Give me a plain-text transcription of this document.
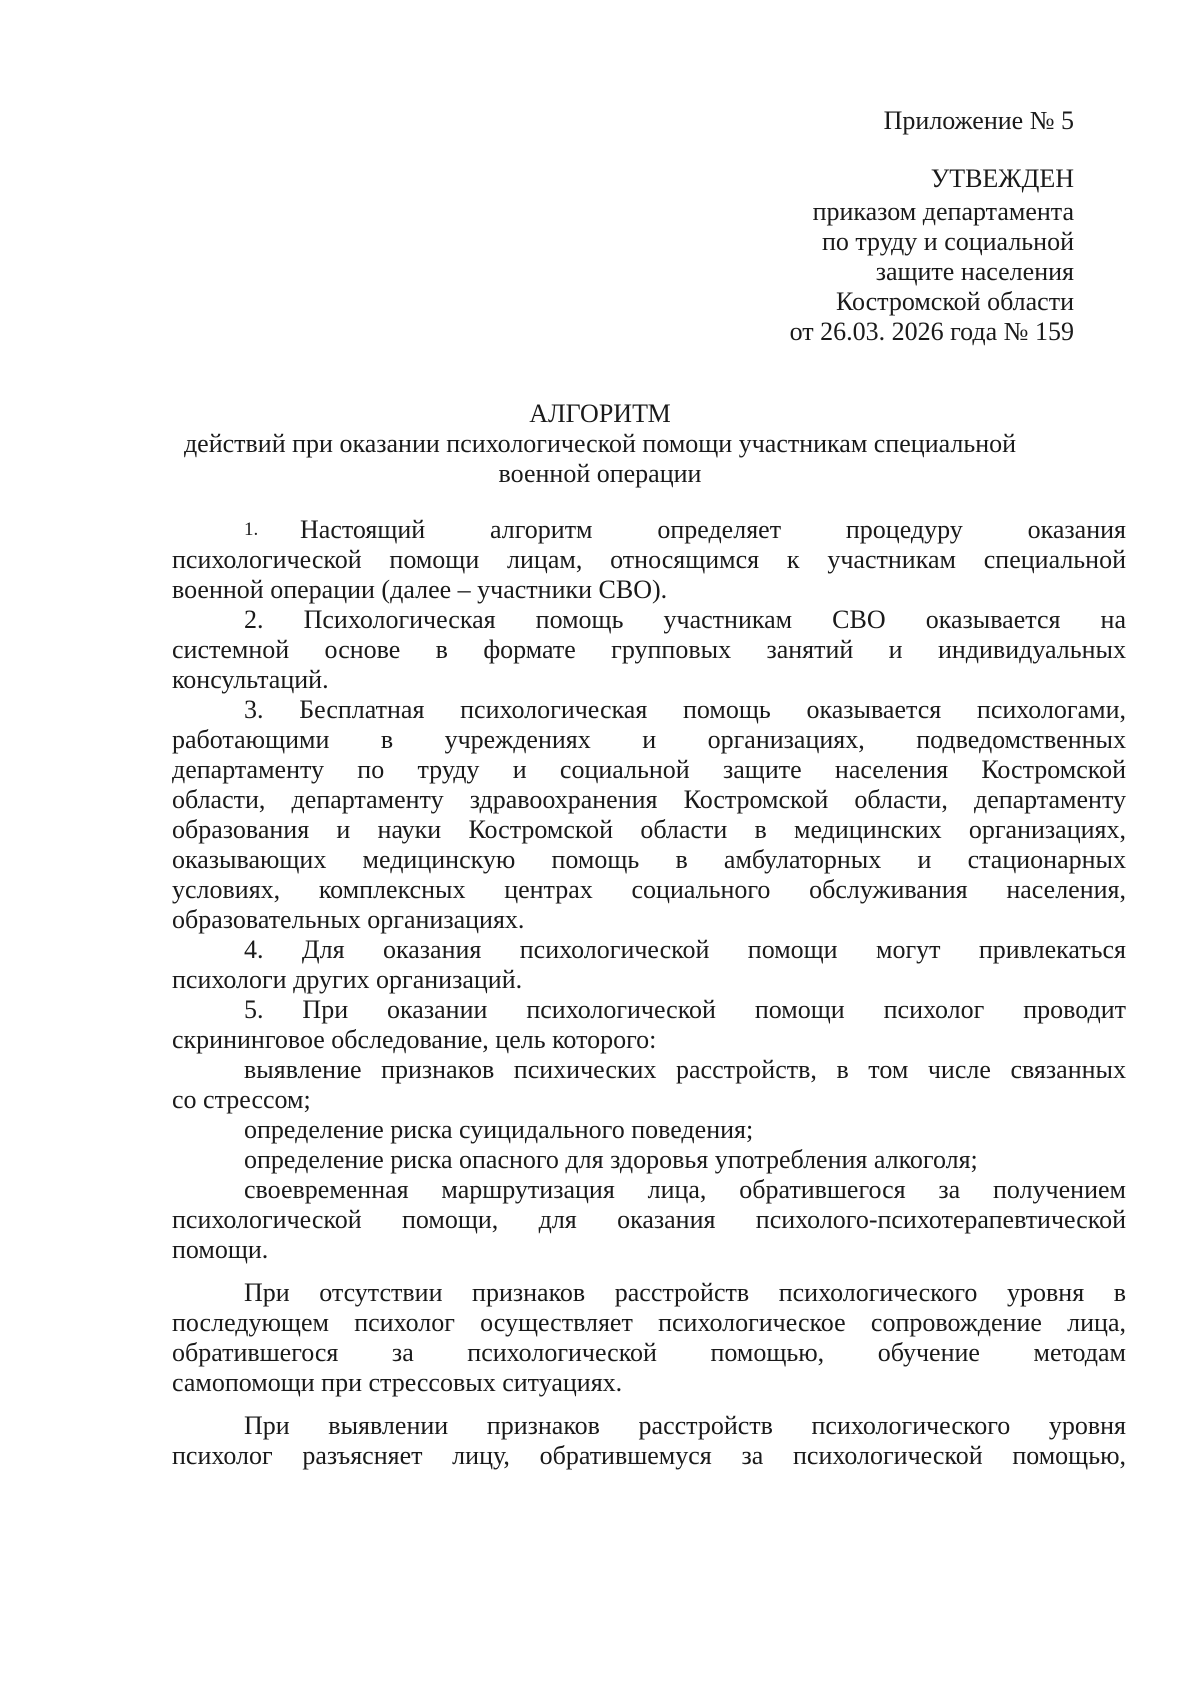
Приложение № 5
УТВЕЖДЕН
приказом департамента
по труду и социальной
защите населения
Костромской области
от 26.03. 2026 года № 159
АЛГОРИТМ
действий при оказании психологической помощи участникам специальной
военной операции
1.	Настоящий алгоритм определяет процедуру оказания
психологической помощи лицам, относящимся к участникам специальной
военной операции (далее – участники СВО).
2. Психологическая помощь участникам СВО оказывается на
системной основе в формате групповых занятий и индивидуальных
консультаций.
3. Бесплатная психологическая помощь оказывается психологами,
работающими в учреждениях и организациях, подведомственных
департаменту по труду и социальной защите населения Костромской
области, департаменту здравоохранения Костромской области, департаменту
образования и науки Костромской области в медицинских организациях,
оказывающих медицинскую помощь в амбулаторных и стационарных
условиях, комплексных центрах социального обслуживания населения,
образовательных организациях.
4. Для оказания психологической помощи могут привлекаться
психологи других организаций.
5. При оказании психологической помощи психолог проводит
скрининговое обследование, цель которого:
выявление признаков психических расстройств, в том числе связанных
со стрессом;
определение риска суицидального поведения;
определение риска опасного для здоровья употребления алкоголя;
своевременная маршрутизация лица, обратившегося за получением
психологической помощи, для оказания психолого-психотерапевтической
помощи.
При отсутствии признаков расстройств психологического уровня в
последующем психолог осуществляет психологическое сопровождение лица,
обратившегося за психологической помощью, обучение методам
самопомощи при стрессовых ситуациях.
При выявлении признаков расстройств психологического уровня
психолог разъясняет лицу, обратившемуся за психологической помощью,
